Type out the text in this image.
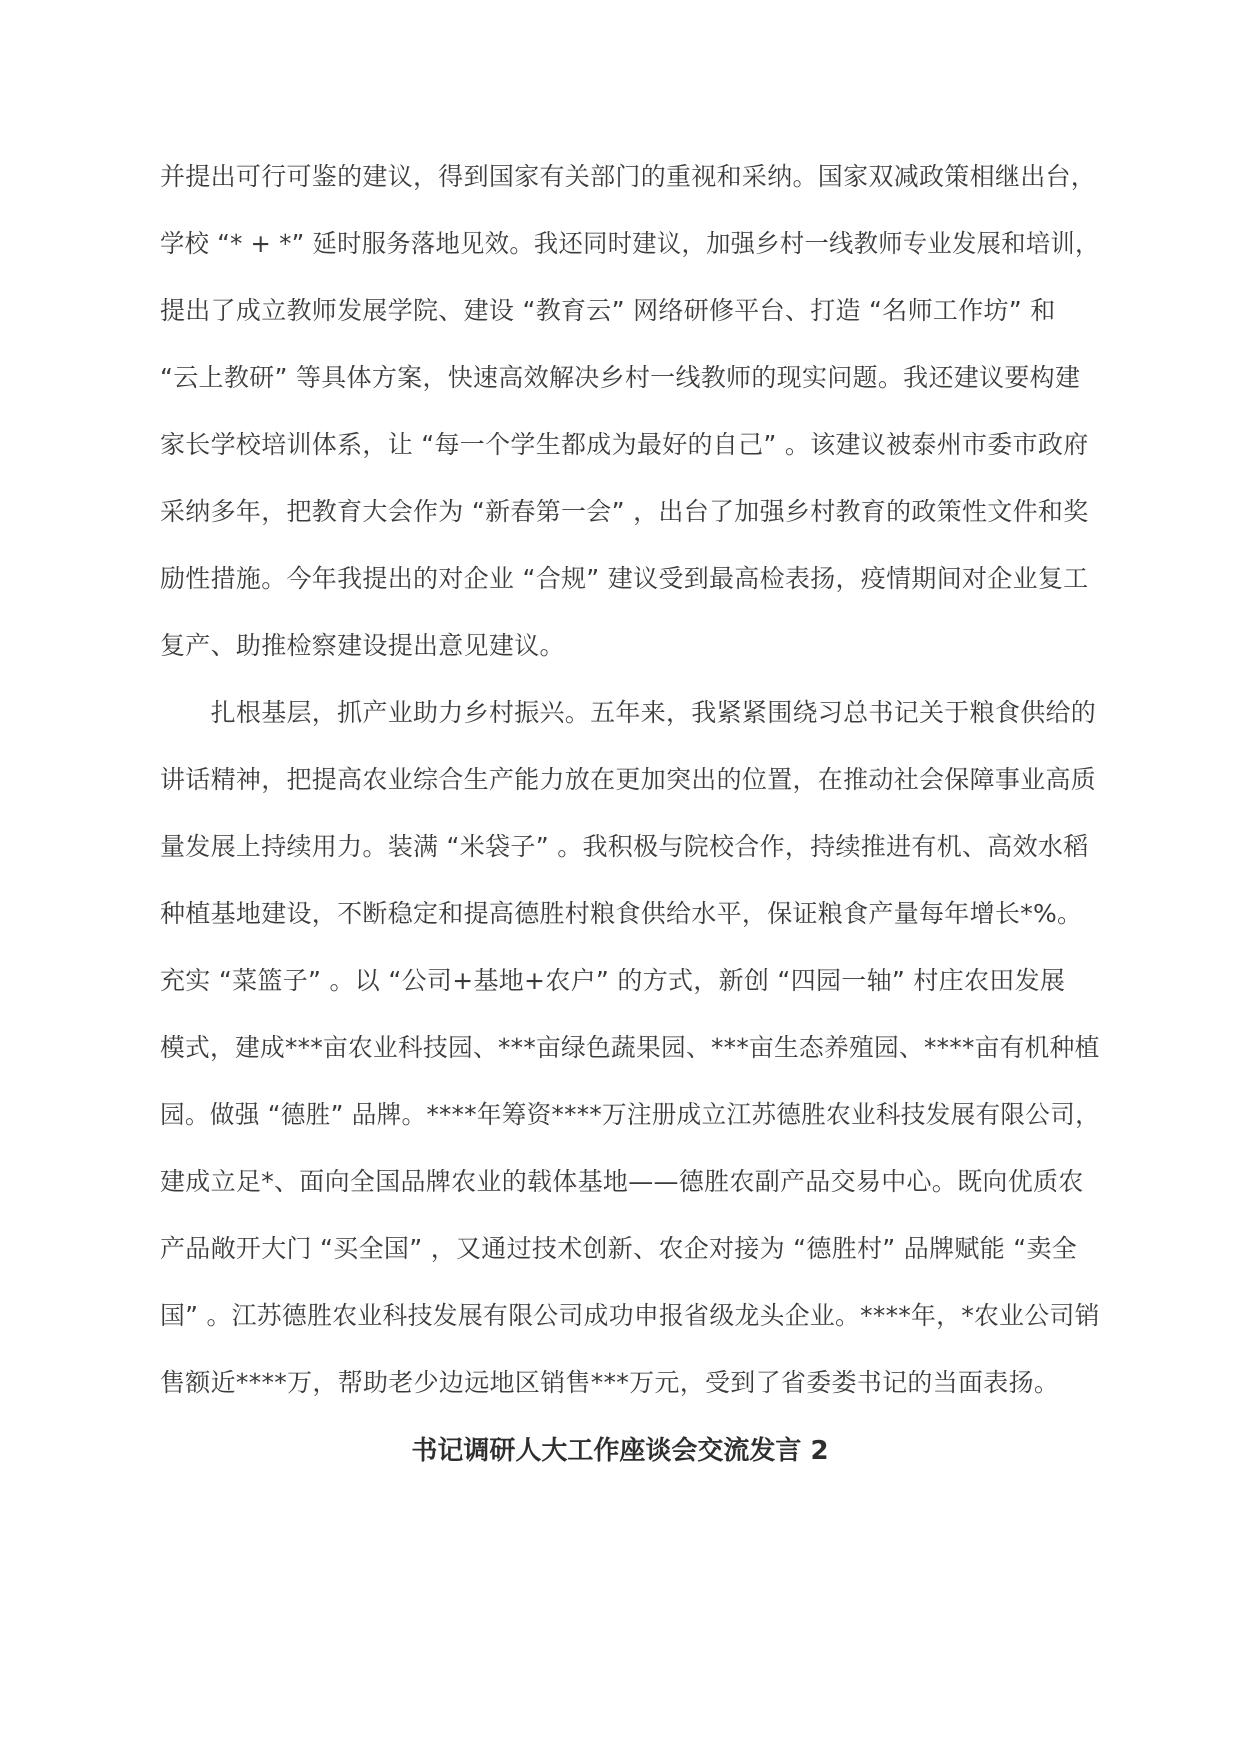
并提出可行可鉴的建议，得到国家有关部门的重视和采纳。国家双减政策相继出台，
学校 “* + *” 延时服务落地见效。我还同时建议，加强乡村一线教师专业发展和培训，
提出了成立教师发展学院、建设 “教育云” 网络研修平台、打造 “名师工作坊” 和
“云上教研” 等具体方案，快速高效解决乡村一线教师的现实问题。我还建议要构建
家长学校培训体系，让 “每一个学生都成为最好的自己” 。该建议被泰州市委市政府
采纳多年，把教育大会作为 “新春第一会” ，出台了加强乡村教育的政策性文件和奖
励性措施。今年我提出的对企业 “合规” 建议受到最高检表扬，疫情期间对企业复工
复产、助推检察建设提出意见建议。
　　扎根基层，抓产业助力乡村振兴。五年来，我紧紧围绕习总书记关于粮食供给的
讲话精神，把提高农业综合生产能力放在更加突出的位置，在推动社会保障事业高质
量发展上持续用力。装满 “米袋子” 。我积极与院校合作，持续推进有机、高效水稻
种植基地建设，不断稳定和提高德胜村粮食供给水平，保证粮食产量每年增长*%。
充实 “菜篮子” 。以 “公司+基地+农户” 的方式，新创 “四园一轴” 村庄农田发展
模式，建成***亩农业科技园、***亩绿色蔬果园、***亩生态养殖园、****亩有机种植
园。做强 “德胜” 品牌。****年筹资****万注册成立江苏德胜农业科技发展有限公司，
建成立足*、面向全国品牌农业的载体基地——德胜农副产品交易中心。既向优质农
产品敞开大门 “买全国” ，又通过技术创新、农企对接为 “德胜村” 品牌赋能 “卖全
国” 。江苏德胜农业科技发展有限公司成功申报省级龙头企业。****年，*农业公司销
售额近****万，帮助老少边远地区销售***万元，受到了省委娄书记的当面表扬。
书记调研人大工作座谈会交流发言 2
